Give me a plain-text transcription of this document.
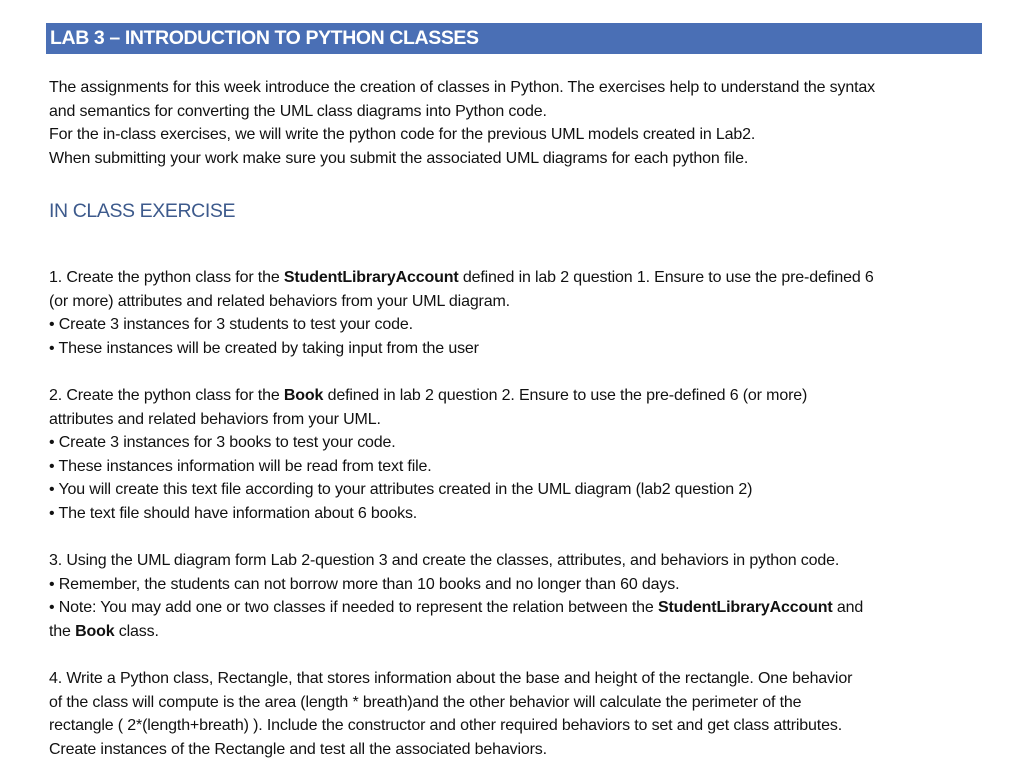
LAB 3 – INTRODUCTION TO PYTHON CLASSES
The assignments for this week introduce the creation of classes in Python. The exercises help to understand the syntax
and semantics for converting the UML class diagrams into Python code.
For the in-class exercises, we will write the python code for the previous UML models created in Lab2.
When submitting your work make sure you submit the associated UML diagrams for each python file.
IN CLASS EXERCISE
1. Create the python class for the StudentLibraryAccount defined in lab 2 question 1. Ensure to use the pre-defined 6
(or more) attributes and related behaviors from your UML diagram.
• Create 3 instances for 3 students to test your code.
• These instances will be created by taking input from the user
2. Create the python class for the Book defined in lab 2 question 2. Ensure to use the pre-defined 6 (or more)
attributes and related behaviors from your UML.
• Create 3 instances for 3 books to test your code.
• These instances information will be read from text file.
• You will create this text file according to your attributes created in the UML diagram (lab2 question 2)
• The text file should have information about 6 books.
3. Using the UML diagram form Lab 2-question 3 and create the classes, attributes, and behaviors in python code.
• Remember, the students can not borrow more than 10 books and no longer than 60 days.
• Note: You may add one or two classes if needed to represent the relation between the StudentLibraryAccount and
the Book class.
4. Write a Python class, Rectangle, that stores information about the base and height of the rectangle. One behavior
of the class will compute is the area (length * breath)and the other behavior will calculate the perimeter of the
rectangle ( 2*(length+breath) ). Include the constructor and other required behaviors to set and get class attributes.
Create instances of the Rectangle and test all the associated behaviors.
